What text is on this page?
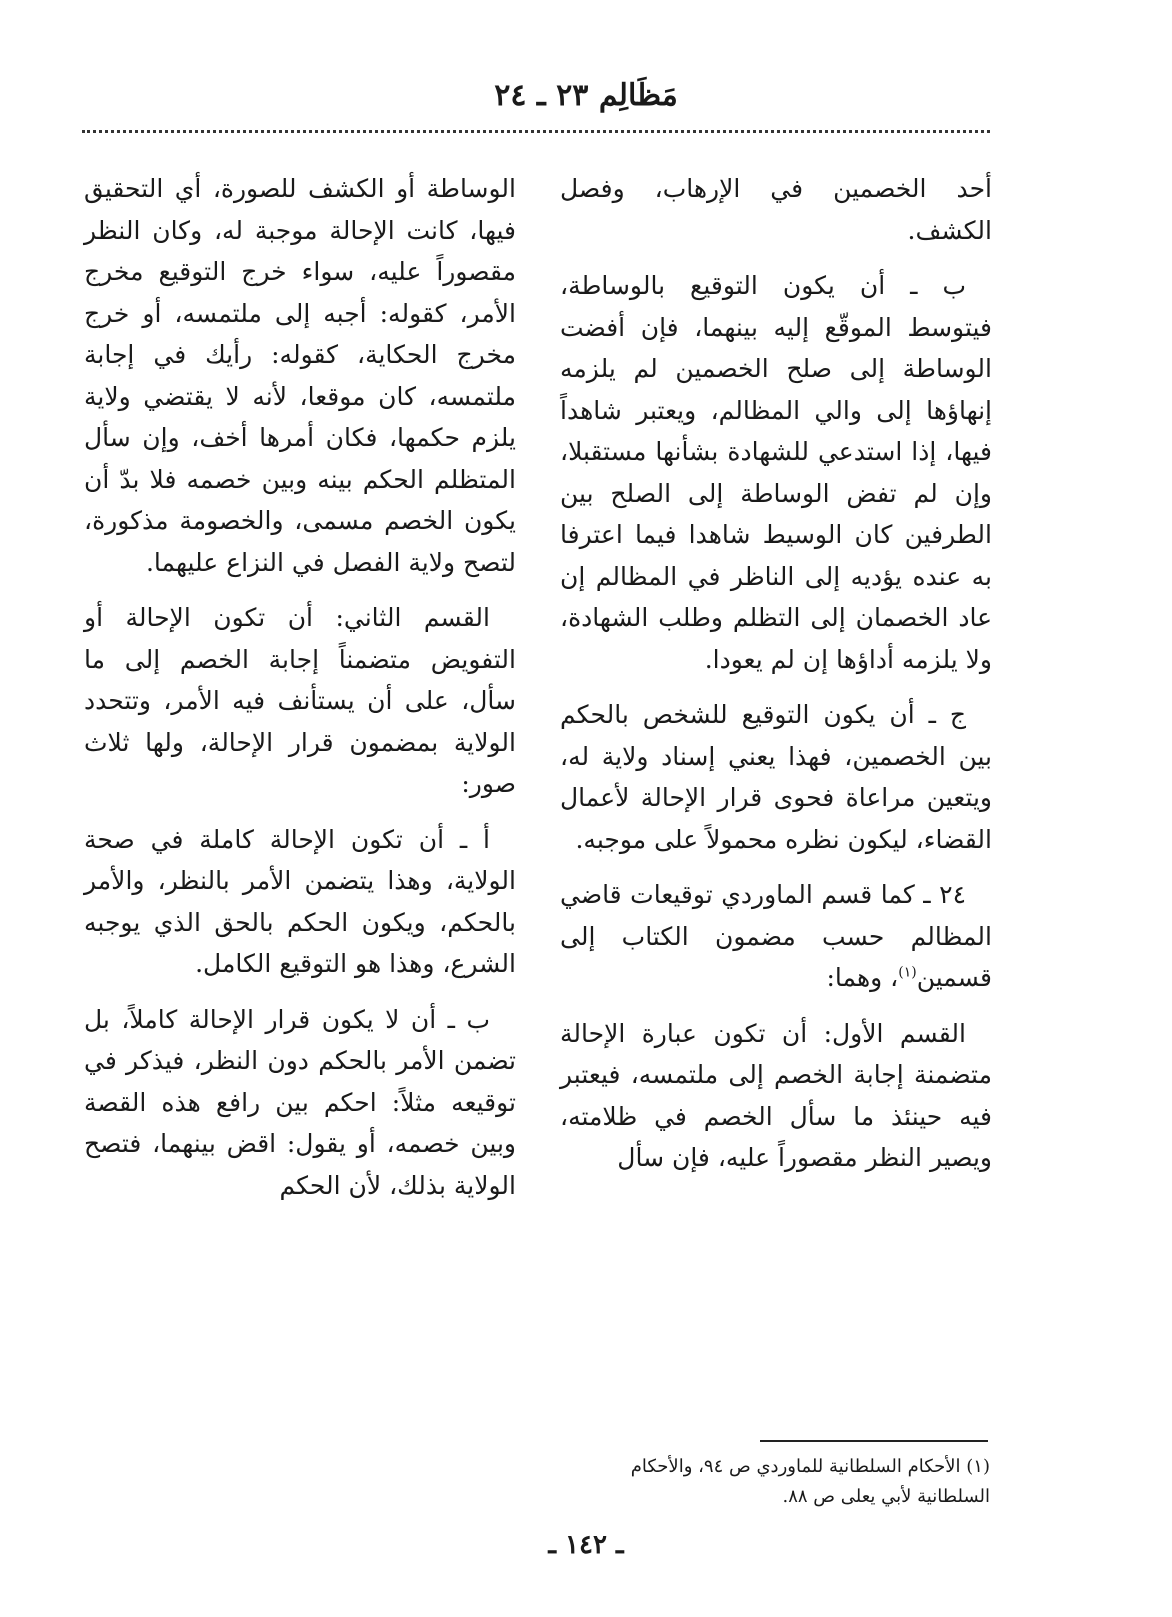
مَظَالِم ٢٣ ـ ٢٤

أحد الخصمين في الإرهاب، وفصل الكشف.

ب ـ أن يكون التوقيع بالوساطة، فيتوسط الموقّع إليه بينهما، فإن أفضت الوساطة إلى صلح الخصمين لم يلزمه إنهاؤها إلى والي المظالم، ويعتبر شاهداً فيها، إذا استدعي للشهادة بشأنها مستقبلا، وإن لم تفض الوساطة إلى الصلح بين الطرفين كان الوسيط شاهدا فيما اعترفا به عنده يؤديه إلى الناظر في المظالم إن عاد الخصمان إلى التظلم وطلب الشهادة، ولا يلزمه أداؤها إن لم يعودا.

ج ـ أن يكون التوقيع للشخص بالحكم بين الخصمين، فهذا يعني إسناد ولاية له، ويتعين مراعاة فحوى قرار الإحالة لأعمال القضاء، ليكون نظره محمولاً على موجبه.

٢٤ ـ كما قسم الماوردي توقيعات قاضي المظالم حسب مضمون الكتاب إلى قسمين$^{(١)}$، وهما:

القسم الأول: أن تكون عبارة الإحالة متضمنة إجابة الخصم إلى ملتمسه، فيعتبر فيه حينئذ ما سأل الخصم في ظلامته، ويصير النظر مقصوراً عليه، فإن سأل

الوساطة أو الكشف للصورة، أي التحقيق فيها، كانت الإحالة موجبة له، وكان النظر مقصوراً عليه، سواء خرج التوقيع مخرج الأمر، كقوله: أجبه إلى ملتمسه، أو خرج مخرج الحكاية، كقوله: رأيك في إجابة ملتمسه، كان موقعا، لأنه لا يقتضي ولاية يلزم حكمها، فكان أمرها أخف، وإن سأل المتظلم الحكم بينه وبين خصمه فلا بدّ أن يكون الخصم مسمى، والخصومة مذكورة، لتصح ولاية الفصل في النزاع عليهما.

القسم الثاني: أن تكون الإحالة أو التفويض متضمناً إجابة الخصم إلى ما سأل، على أن يستأنف فيه الأمر، وتتحدد الولاية بمضمون قرار الإحالة، ولها ثلاث صور:

أ ـ أن تكون الإحالة كاملة في صحة الولاية، وهذا يتضمن الأمر بالنظر، والأمر بالحكم، ويكون الحكم بالحق الذي يوجبه الشرع، وهذا هو التوقيع الكامل.

ب ـ أن لا يكون قرار الإحالة كاملاً، بل تضمن الأمر بالحكم دون النظر، فيذكر في توقيعه مثلاً: احكم بين رافع هذه القصة وبين خصمه، أو يقول: اقض بينهما، فتصح الولاية بذلك، لأن الحكم

(١) الأحكام السلطانية للماوردي ص ٩٤، والأحكام السلطانية لأبي يعلى ص ٨٨.
ـ ١٤٢ ـ
